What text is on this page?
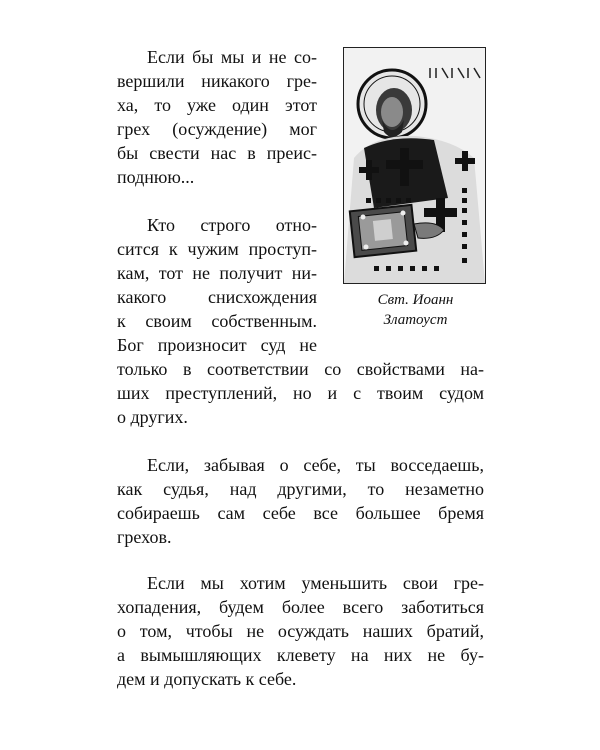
Если бы мы и не со-
вершили никакого гре-
ха, то уже один этот
грех (осуждение) мог
бы свести нас в преис-
поднюю...
Кто строго отно-
сится к чужим проступ-
кам, тот не получит ни-
какого снисхождения
к своим собственным.
Бог произносит суд не
только в соответствии со свойствами на-
ших преступлений, но и с твоим судом
о других.
Если, забывая о себе, ты восседаешь,
как судья, над другими, то незаметно
собираешь сам себе все большее бремя
грехов.
Если мы хотим уменьшить свои гре-
хопадения, будем более всего заботиться
о том, чтобы не осуждать наших братий,
а вымышляющих клевету на них не бу-
дем и допускать к себе.
Свт. Иоанн
Златоуст
